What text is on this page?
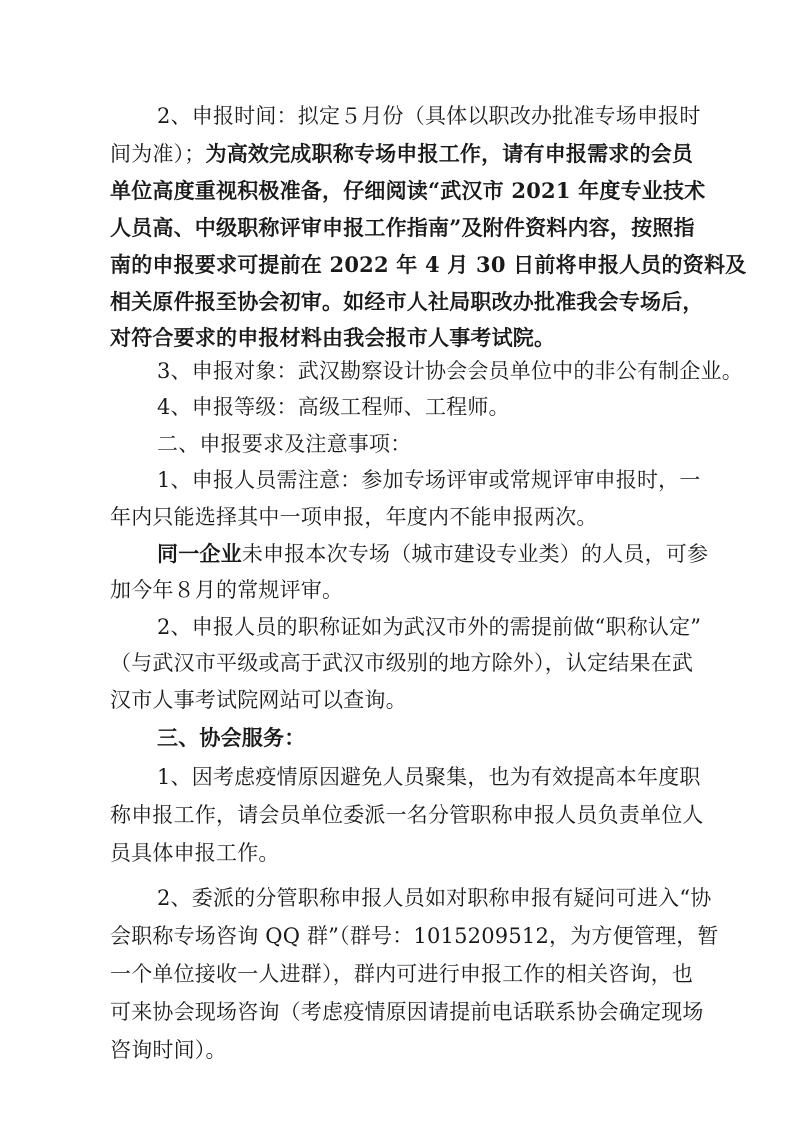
2、申报时间：拟定５月份（具体以职改办批准专场申报时
间为准）；为高效完成职称专场申报工作，请有申报需求的会员
单位高度重视积极准备，仔细阅读“武汉市 2021 年度专业技术
人员高、中级职称评审申报工作指南”及附件资料内容，按照指
南的申报要求可提前在 2022 年 4 月 30 日前将申报人员的资料及
相关原件报至协会初审。如经市人社局职改办批准我会专场后，
对符合要求的申报材料由我会报市人事考试院。
3、申报对象：武汉勘察设计协会会员单位中的非公有制企业。
4、申报等级：高级工程师、工程师。
二、申报要求及注意事项：
1、申报人员需注意：参加专场评审或常规评审申报时，一
年内只能选择其中一项申报，年度内不能申报两次。
同一企业未申报本次专场（城市建设专业类）的人员，可参
加今年８月的常规评审。
2、申报人员的职称证如为武汉市外的需提前做“职称认定”
（与武汉市平级或高于武汉市级别的地方除外），认定结果在武
汉市人事考试院网站可以查询。
三、协会服务：
1、因考虑疫情原因避免人员聚集，也为有效提高本年度职
称申报工作，请会员单位委派一名分管职称申报人员负责单位人
员具体申报工作。
2、委派的分管职称申报人员如对职称申报有疑问可进入“协
会职称专场咨询 QQ 群”（群号：1015209512，为方便管理，暂
一个单位接收一人进群），群内可进行申报工作的相关咨询，也
可来协会现场咨询（考虑疫情原因请提前电话联系协会确定现场
咨询时间）。
